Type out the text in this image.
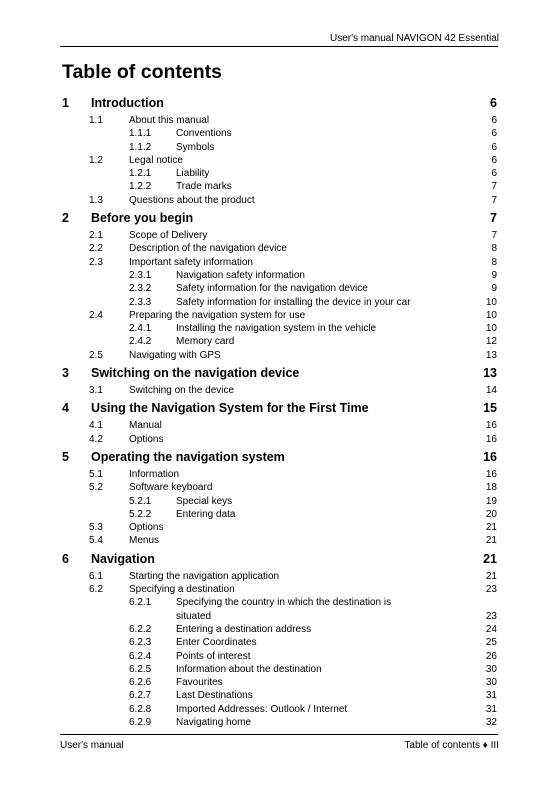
User's manual NAVIGON 42 Essential
Table of contents
1 Introduction	6
1.1	About this manual	6
1.1.1 Conventions	6
1.1.2 Symbols	6
1.2	Legal notice	6
1.2.1 Liability	6
1.2.2 Trade marks	7
1.3	Questions about the product	7
2 Before you begin	7
2.1	Scope of Delivery	7
2.2	Description of the navigation device	8
2.3	Important safety information	8
2.3.1 Navigation safety information	9
2.3.2 Safety information for the navigation device	9
2.3.3 Safety information for installing the device in your car	10
2.4	Preparing the navigation system for use	10
2.4.1 Installing the navigation system in the vehicle	10
2.4.2 Memory card	12
2.5	Navigating with GPS	13
3 Switching on the navigation device	13
3.1	Switching on the device	14
4 Using the Navigation System for the First Time	15
4.1	Manual	16
4.2	Options	16
5 Operating the navigation system	16
5.1	Information	16
5.2	Software keyboard	18
5.2.1 Special keys	19
5.2.2 Entering data	20
5.3	Options	21
5.4	Menus	21
6 Navigation	21
6.1	Starting the navigation application	21
6.2	Specifying a destination	23
6.2.1 Specifying the country in which the destination is
situated	23
6.2.2 Entering a destination address	24
6.2.3 Enter Coordinates	25
6.2.4 Points of interest	26
6.2.5 Information about the destination	30
6.2.6 Favourites	30
6.2.7 Last Destinations	31
6.2.8 Imported Addresses: Outlook / Internet	31
6.2.9 Navigating home	32
User's manual	Table of contents ♦ III
